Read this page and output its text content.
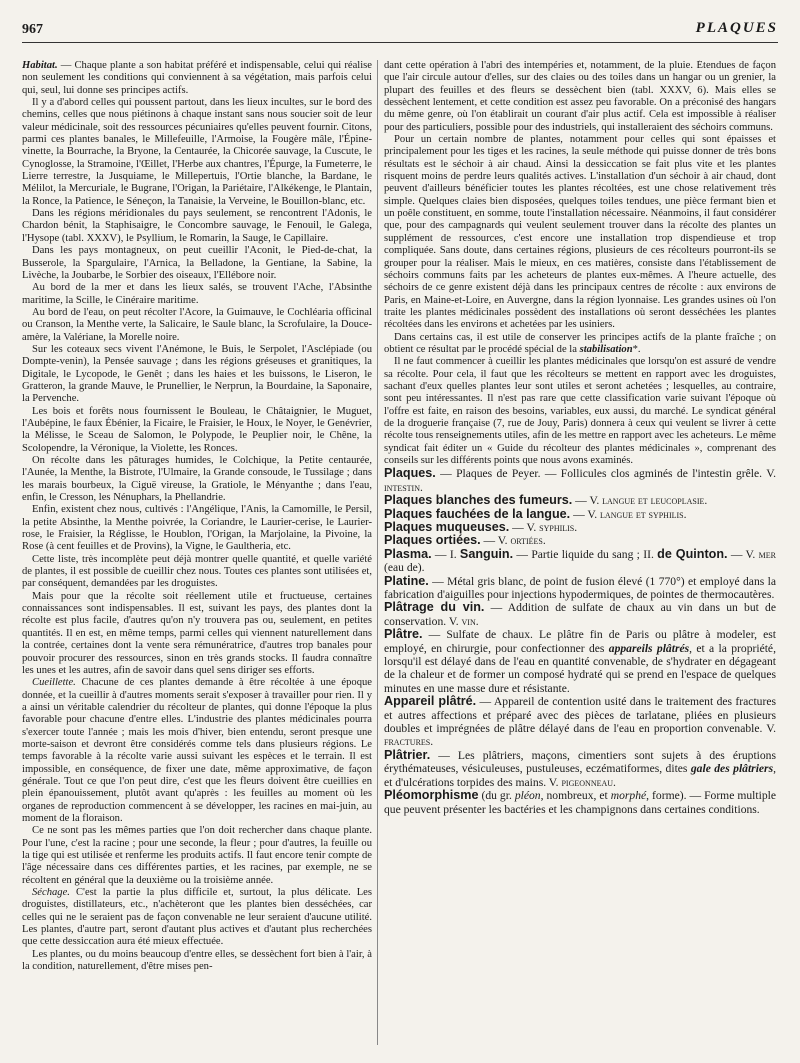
967	PLAQUES

Habitat. — Chaque plante a son habitat préféré et indispensable, celui qui réalise non seulement les conditions qui conviennent à sa végétation, mais parfois celui qui, seul, lui donne ses principes actifs.

Il y a d'abord celles qui poussent partout, dans les lieux incultes, sur le bord des chemins, celles que nous piétinons à chaque instant sans nous soucier soit de leur valeur médicinale, soit des ressources pécuniaires qu'elles peuvent fournir. Citons, parmi ces plantes banales, le Millefeuille, l'Armoise, la Fougère mâle, l'Épine-vinette, la Bourrache, la Bryone, la Centaurée, la Chicorée sauvage, la Cuscute, le Cynoglosse, la Stramoine, l'Œillet, l'Herbe aux chantres, l'Épurge, la Fumeterre, le Lierre terrestre, la Jusquiame, le Millepertuis, l'Ortie blanche, la Bardane, le Mélilot, la Mercuriale, le Bugrane, l'Origan, la Pariétaire, l'Alkékenge, le Plantain, la Ronce, la Patience, le Séneçon, la Tanaisie, la Verveine, le Bouillon-blanc, etc.

Dans les régions méridionales du pays seulement, se rencontrent l'Adonis, le Chardon bénit, la Staphisaigre, le Concombre sauvage, le Fenouil, le Galega, l'Hysope (tabl. XXXV), le Psyllium, le Romarin, la Sauge, le Capillaire.

Dans les pays montagneux, on peut cueillir l'Aconit, le Pied-de-chat, la Busserole, la Spargulaire, l'Arnica, la Belladone, la Gentiane, la Sabine, la Livèche, la Joubarbe, le Sorbier des oiseaux, l'Ellébore noir.

Au bord de la mer et dans les lieux salés, se trouvent l'Ache, l'Absinthe maritime, la Scille, le Cinéraire maritime.

Au bord de l'eau, on peut récolter l'Acore, la Guimauve, le Cochléaria officinal ou Cranson, la Menthe verte, la Salicaire, le Saule blanc, la Scrofulaire, la Douce-amère, la Valériane, la Morelle noire.

Sur les coteaux secs vivent l'Anémone, le Buis, le Serpolet, l'Asclépiade (ou Dompte-venin), la Pensée sauvage ; dans les régions gréseuses et granitiques, la Digitale, le Lycopode, le Genêt ; dans les haies et les buissons, le Liseron, le Gratteron, la grande Mauve, le Prunellier, le Nerprun, la Bourdaine, la Saponaire, la Pervenche.

Les bois et forêts nous fournissent le Bouleau, le Châtaignier, le Muguet, l'Aubépine, le faux Ébénier, la Ficaire, le Fraisier, le Houx, le Noyer, le Genévrier, la Mélisse, le Sceau de Salomon, le Polypode, le Peuplier noir, le Chêne, la Scolopendre, la Véronique, la Violette, les Ronces.

On récolte dans les pâturages humides, le Colchique, la Petite centaurée, l'Aunée, la Menthe, la Bistrote, l'Ulmaire, la Grande consoude, le Tussilage ; dans les marais bourbeux, la Ciguë vireuse, la Gratiole, le Ményanthe ; dans l'eau, enfin, le Cresson, les Nénuphars, la Phellandrie.

Enfin, existent chez nous, cultivés : l'Angélique, l'Anis, la Camomille, le Persil, la petite Absinthe, la Menthe poivrée, la Coriandre, le Laurier-cerise, le Laurier-rose, le Fraisier, la Réglisse, le Houblon, l'Origan, la Marjolaine, la Pivoine, la Rose (à cent feuilles et de Provins), la Vigne, le Gaultheria, etc.

Cette liste, très incomplète peut déjà montrer quelle quantité, et quelle variété de plantes, il est possible de cueillir chez nous. Toutes ces plantes sont utilisées et, par conséquent, demandées par les droguistes.

Mais pour que la récolte soit réellement utile et fructueuse, certaines connaissances sont indispensables. Il est, suivant les pays, des plantes dont la récolte est plus facile, d'autres qu'on n'y trouvera pas ou, seulement, en petites quantités. Il en est, en même temps, parmi celles qui viennent naturellement dans la contrée, certaines dont la vente sera rémunératrice, d'autres trop banales pour pouvoir procurer des ressources, sinon en très grands stocks. Il faudra connaître les unes et les autres, afin de savoir dans quel sens diriger ses efforts.

Cueillette. Chacune de ces plantes demande à être récoltée à une époque donnée, et la cueillir à d'autres moments serait s'exposer à travailler pour rien. Il y a ainsi un véritable calendrier du récolteur de plantes, qui donne l'époque la plus favorable pour chacune d'entre elles. L'industrie des plantes médicinales pourra s'exercer toute l'année ; mais les mois d'hiver, bien entendu, seront presque une morte-saison et devront être considérés comme tels dans plusieurs régions. Le temps favorable à la récolte varie aussi suivant les espèces et le terrain. Il est impossible, en conséquence, de fixer une date, même approximative, de façon générale. Tout ce que l'on peut dire, c'est que les fleurs doivent être cueillies en plein épanouissement, plutôt avant qu'après : les feuilles au moment où les organes de reproduction commencent à se développer, les racines en mai-juin, au moment de la floraison.

Ce ne sont pas les mêmes parties que l'on doit rechercher dans chaque plante. Pour l'une, c'est la racine ; pour une seconde, la fleur ; pour d'autres, la feuille ou la tige qui est utilisée et renferme les produits actifs. Il faut encore tenir compte de l'âge nécessaire dans ces différentes parties, et les racines, par exemple, ne se récoltent en général que la deuxième ou la troisième année.

Séchage. C'est la partie la plus difficile et, surtout, la plus délicate. Les droguistes, distillateurs, etc., n'achèteront que les plantes bien desséchées, car celles qui ne le seraient pas de façon convenable ne leur seraient d'aucune utilité. Les plantes, d'autre part, seront d'autant plus actives et d'autant plus recherchées que cette dessiccation aura été mieux effectuée.

Les plantes, ou du moins beaucoup d'entre elles, se dessèchent fort bien à l'air, à la condition, naturellement, d'être mises pen-

dant cette opération à l'abri des intempéries et, notamment, de la pluie. Étendues de façon que l'air circule autour d'elles, sur des claies ou des toiles dans un hangar ou un grenier, la plupart des feuilles et des fleurs se dessèchent bien (tabl. XXXV, 6). Mais elles se dessèchent lentement, et cette condition est assez peu favorable. On a préconisé des hangars du même genre, où l'on établirait un courant d'air plus actif. Cela est impossible à réaliser pour des particuliers, possible pour des industriels, qui installeraient des séchoirs communs.

Pour un certain nombre de plantes, notamment pour celles qui sont épaisses et principalement pour les tiges et les racines, la seule méthode qui puisse donner de très bons résultats est le séchoir à air chaud. Ainsi la dessiccation se fait plus vite et les plantes risquent moins de perdre leurs qualités actives. L'installation d'un séchoir à air chaud, dont peuvent d'ailleurs bénéficier toutes les plantes récoltées, est une chose relativement très simple. Quelques claies bien disposées, quelques toiles tendues, une pièce fermant bien et un poêle constituent, en somme, toute l'installation nécessaire. Néanmoins, il faut considérer que, pour des campagnards qui veulent seulement trouver dans la récolte des plantes un supplément de ressources, c'est encore une installation trop dispendieuse et trop compliquée. Sans doute, dans certaines régions, plusieurs de ces récolteurs pourront-ils se grouper pour la réaliser. Mais le mieux, en ces matières, consiste dans l'établissement de séchoirs communs faits par les acheteurs de plantes eux-mêmes. A l'heure actuelle, des séchoirs de ce genre existent déjà dans les principaux centres de récolte : aux environs de Paris, en Maine-et-Loire, en Auvergne, dans la région lyonnaise. Les grandes usines où l'on traite les plantes médicinales possèdent des installations où seront desséchées les plantes récoltées dans les environs et achetées par les usiniers.

Dans certains cas, il est utile de conserver les principes actifs de la plante fraîche ; on obtient ce résultat par le procédé spécial de la stabilisation*.

Il ne faut commencer à cueillir les plantes médicinales que lorsqu'on est assuré de vendre sa récolte. Pour cela, il faut que les récolteurs se mettent en rapport avec les droguistes, sachant d'eux quelles plantes leur sont utiles et seront achetées ; lesquelles, au contraire, sont peu intéressantes. Il n'est pas rare que cette classification varie suivant l'époque où l'offre est faite, en raison des besoins, variables, eux aussi, du marché. Le syndicat général de la droguerie française (7, rue de Jouy, Paris) donnera à ceux qui veulent se livrer à cette récolte tous renseignements utiles, afin de les mettre en rapport avec les acheteurs. Le même syndicat fait éditer un « Guide du récolteur des plantes médicinales », comprenant des conseils sur les différents points que nous avons examinés.

Plaques. — Plaques de Peyer. — Follicules clos agminés de l'intestin grêle. V. intestin.

Plaques blanches des fumeurs. — V. langue et leucoplasie.

Plaques fauchées de la langue. — V. langue et syphilis.

Plaques muqueuses. — V. syphilis.

Plaques ortiées. — V. ortiées.

Plasma. — I. Sanguin. — Partie liquide du sang ; II. de Quinton. — V. mer (eau de).

Platine. — Métal gris blanc, de point de fusion élevé (1 770°) et employé dans la fabrication d'aiguilles pour injections hypodermiques, de pointes de thermocautères.

Plâtrage du vin. — Addition de sulfate de chaux au vin dans un but de conservation. V. vin.

Plâtre. — Sulfate de chaux. Le plâtre fin de Paris ou plâtre à modeler, est employé, en chirurgie, pour confectionner des appareils plâtrés, et a la propriété, lorsqu'il est délayé dans de l'eau en quantité convenable, de s'hydrater en dégageant de la chaleur et de former un composé hydraté qui se prend en l'espace de quelques minutes en une masse dure et résistante.

Appareil plâtré. — Appareil de contention usité dans le traitement des fractures et autres affections et préparé avec des pièces de tarlatane, pliées en plusieurs doubles et imprégnées de plâtre délayé dans de l'eau en proportion convenable. V. fractures.

Plâtrier. — Les plâtriers, maçons, cimentiers sont sujets à des éruptions érythémateuses, vésiculeuses, pustuleuses, eczématiformes, dites gale des plâtriers, et d'ulcérations torpides des mains. V. pigeonneau.

Pléomorphisme (du gr. pléon, nombreux, et morphé, forme). — Forme multiple que peuvent présenter les bactéries et les champignons dans certaines conditions.
